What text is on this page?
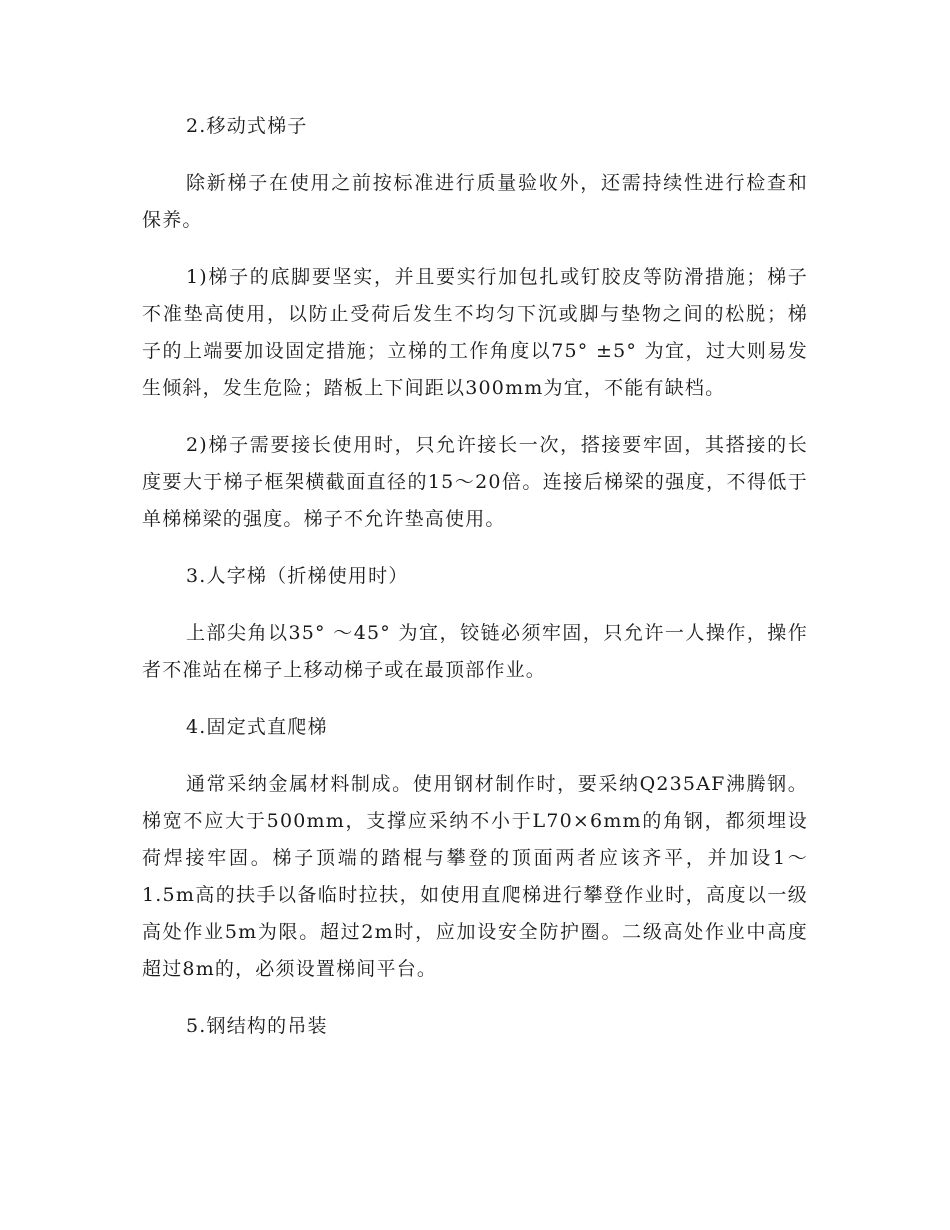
2.移动式梯子
除新梯子在使用之前按标准进行质量验收外，还需持续性进行检查和保养。
1)梯子的底脚要坚实，并且要实行加包扎或钉胶皮等防滑措施；梯子不准垫高使用，以防止受荷后发生不均匀下沉或脚与垫物之间的松脱；梯子的上端要加设固定措施；立梯的工作角度以75° ±5° 为宜，过大则易发生倾斜，发生危险；踏板上下间距以300mm为宜，不能有缺档。
2)梯子需要接长使用时，只允许接长一次，搭接要牢固，其搭接的长度要大于梯子框架横截面直径的15～20倍。连接后梯梁的强度，不得低于单梯梯梁的强度。梯子不允许垫高使用。
3.人字梯（折梯使用时）
上部尖角以35° ～45° 为宜，铰链必须牢固，只允许一人操作，操作者不准站在梯子上移动梯子或在最顶部作业。
4.固定式直爬梯
通常采纳金属材料制成。使用钢材制作时，要采纳Q235AF沸腾钢。梯宽不应大于500mm，支撑应采纳不小于L70×6mm的角钢，都须埋设荷焊接牢固。梯子顶端的踏棍与攀登的顶面两者应该齐平，并加设1～1.5m高的扶手以备临时拉扶，如使用直爬梯进行攀登作业时，高度以一级高处作业5m为限。超过2m时，应加设安全防护圈。二级高处作业中高度超过8m的，必须设置梯间平台。
5.钢结构的吊装
